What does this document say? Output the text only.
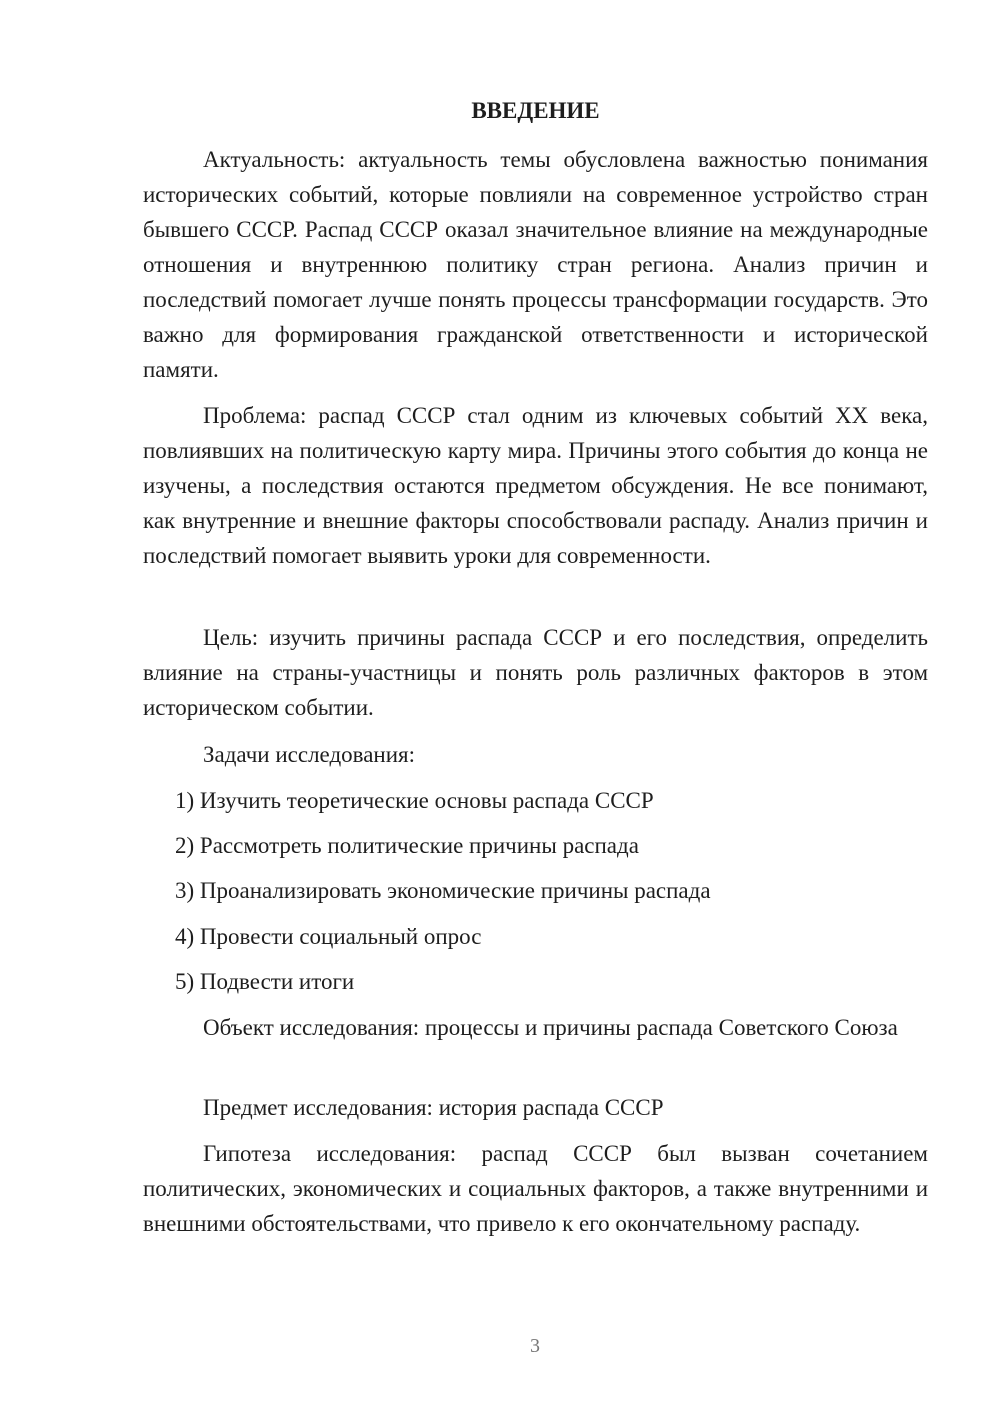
ВВЕДЕНИЕ

Актуальность: актуальность темы обусловлена важностью понимания исторических событий, которые повлияли на современное устройство стран бывшего СССР. Распад СССР оказал значительное влияние на международные отношения и внутреннюю политику стран региона. Анализ причин и последствий помогает лучше понять процессы трансформации государств. Это важно для формирования гражданской ответственности и исторической памяти.

Проблема: распад СССР стал одним из ключевых событий XX века, повлиявших на политическую карту мира. Причины этого события до конца не изучены, а последствия остаются предметом обсуждения. Не все понимают, как внутренние и внешние факторы способствовали распаду. Анализ причин и последствий помогает выявить уроки для современности.

Цель: изучить причины распада СССР и его последствия, определить влияние на страны-участницы и понять роль различных факторов в этом историческом событии.

Задачи исследования:

1) Изучить теоретические основы распада СССР

2) Рассмотреть политические причины распада

3) Проанализировать экономические причины распада

4) Провести социальный опрос

5) Подвести итоги

Объект исследования: процессы и причины распада Советского Союза

Предмет исследования: история распада СССР

Гипотеза исследования: распад СССР был вызван сочетанием политических, экономических и социальных факторов, а также внутренними и внешними обстоятельствами, что привело к его окончательному распаду.

3
